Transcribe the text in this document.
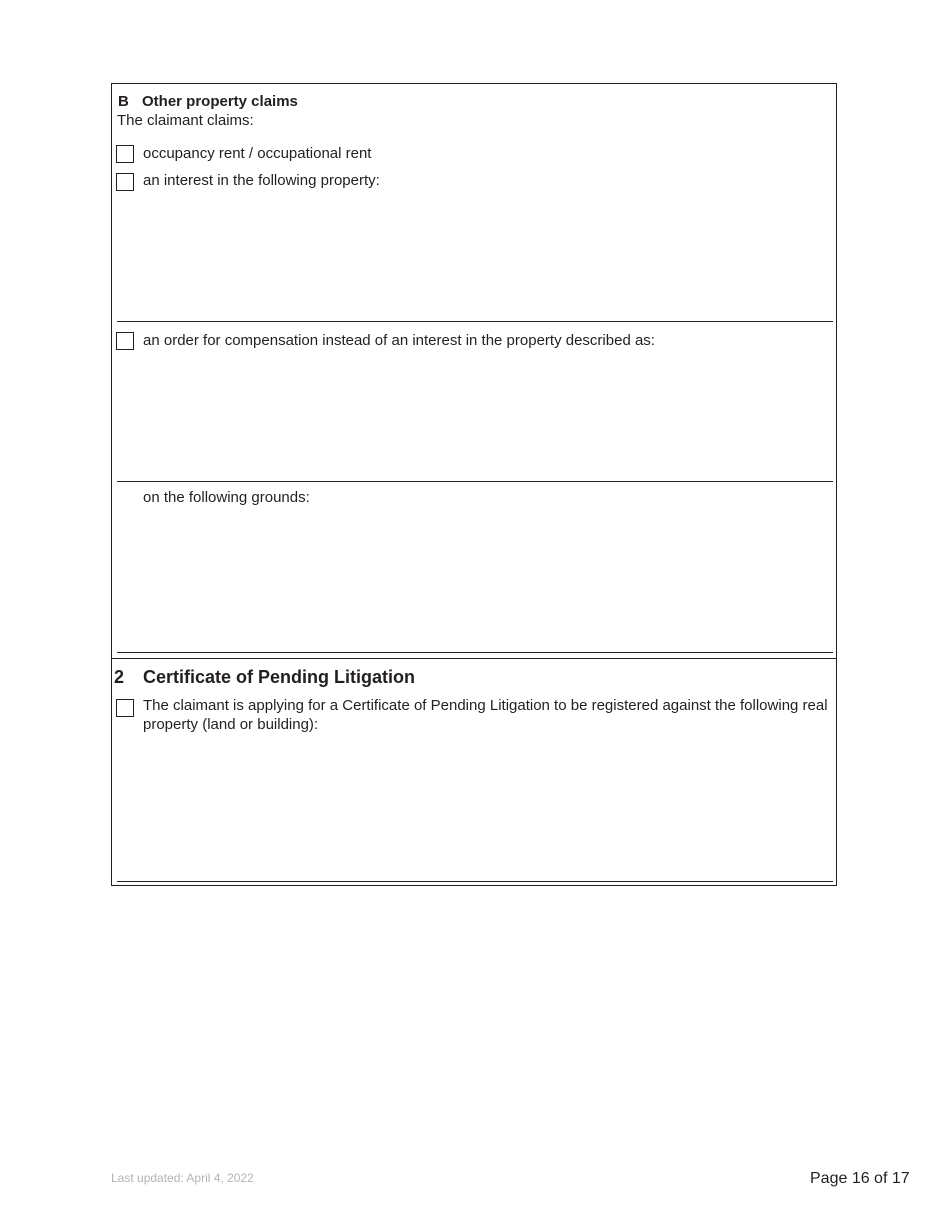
B Other property claims
The claimant claims:
occupancy rent / occupational rent
an interest in the following property:
an order for compensation instead of an interest in the property described as:
on the following grounds:
2 Certificate of Pending Litigation
The claimant is applying for a Certificate of Pending Litigation to be registered against the following real
property (land or building):
Last updated: April 4, 2022	Page 16 of 17
